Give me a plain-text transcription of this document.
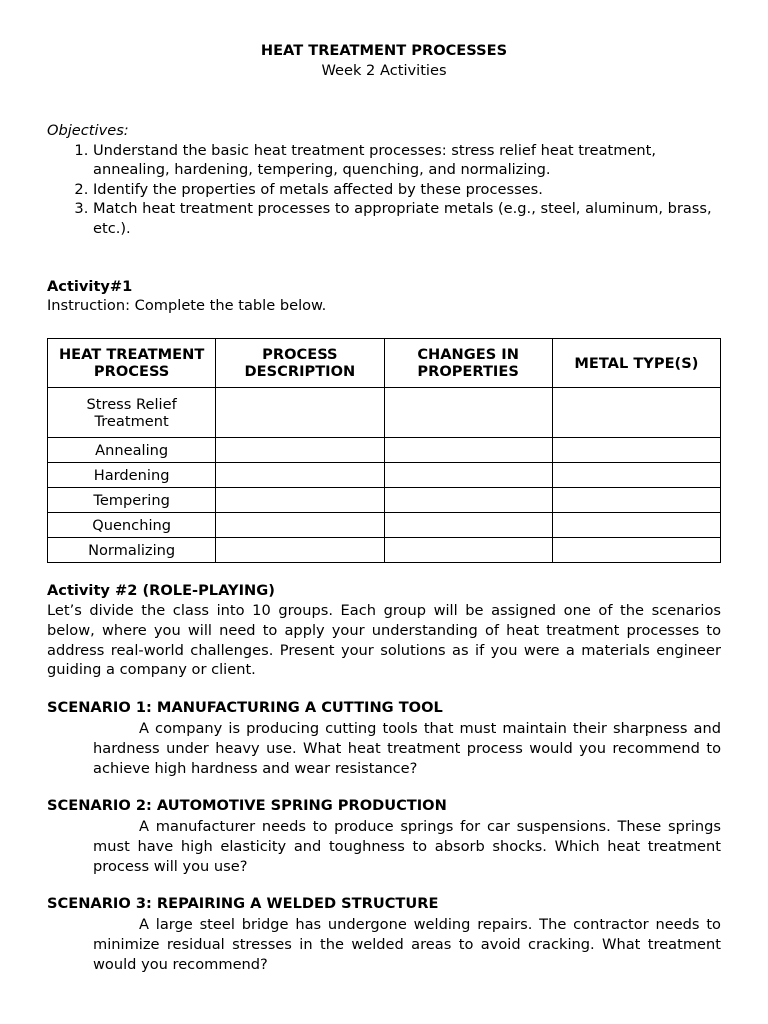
HEAT TREATMENT PROCESSES
Week 2 Activities
Objectives:
1. Understand the basic heat treatment processes: stress relief heat treatment, annealing, hardening, tempering, quenching, and normalizing.
2. Identify the properties of metals affected by these processes.
3. Match heat treatment processes to appropriate metals (e.g., steel, aluminum, brass, etc.).
Activity#1
Instruction: Complete the table below.
HEAT TREATMENT PROCESS	PROCESS DESCRIPTION	CHANGES IN PROPERTIES	METAL TYPE(S)
Stress Relief Treatment			
Annealing			
Hardening			
Tempering			
Quenching			
Normalizing			
Activity #2 (ROLE-PLAYING)
Let’s divide the class into 10 groups. Each group will be assigned one of the scenarios below, where you will need to apply your understanding of heat treatment processes to address real-world challenges. Present your solutions as if you were a materials engineer guiding a company or client.
SCENARIO 1: MANUFACTURING A CUTTING TOOL
A company is producing cutting tools that must maintain their sharpness and hardness under heavy use. What heat treatment process would you recommend to achieve high hardness and wear resistance?
SCENARIO 2: AUTOMOTIVE SPRING PRODUCTION
A manufacturer needs to produce springs for car suspensions. These springs must have high elasticity and toughness to absorb shocks. Which heat treatment process will you use?
SCENARIO 3: REPAIRING A WELDED STRUCTURE
A large steel bridge has undergone welding repairs. The contractor needs to minimize residual stresses in the welded areas to avoid cracking. What treatment would you recommend?
